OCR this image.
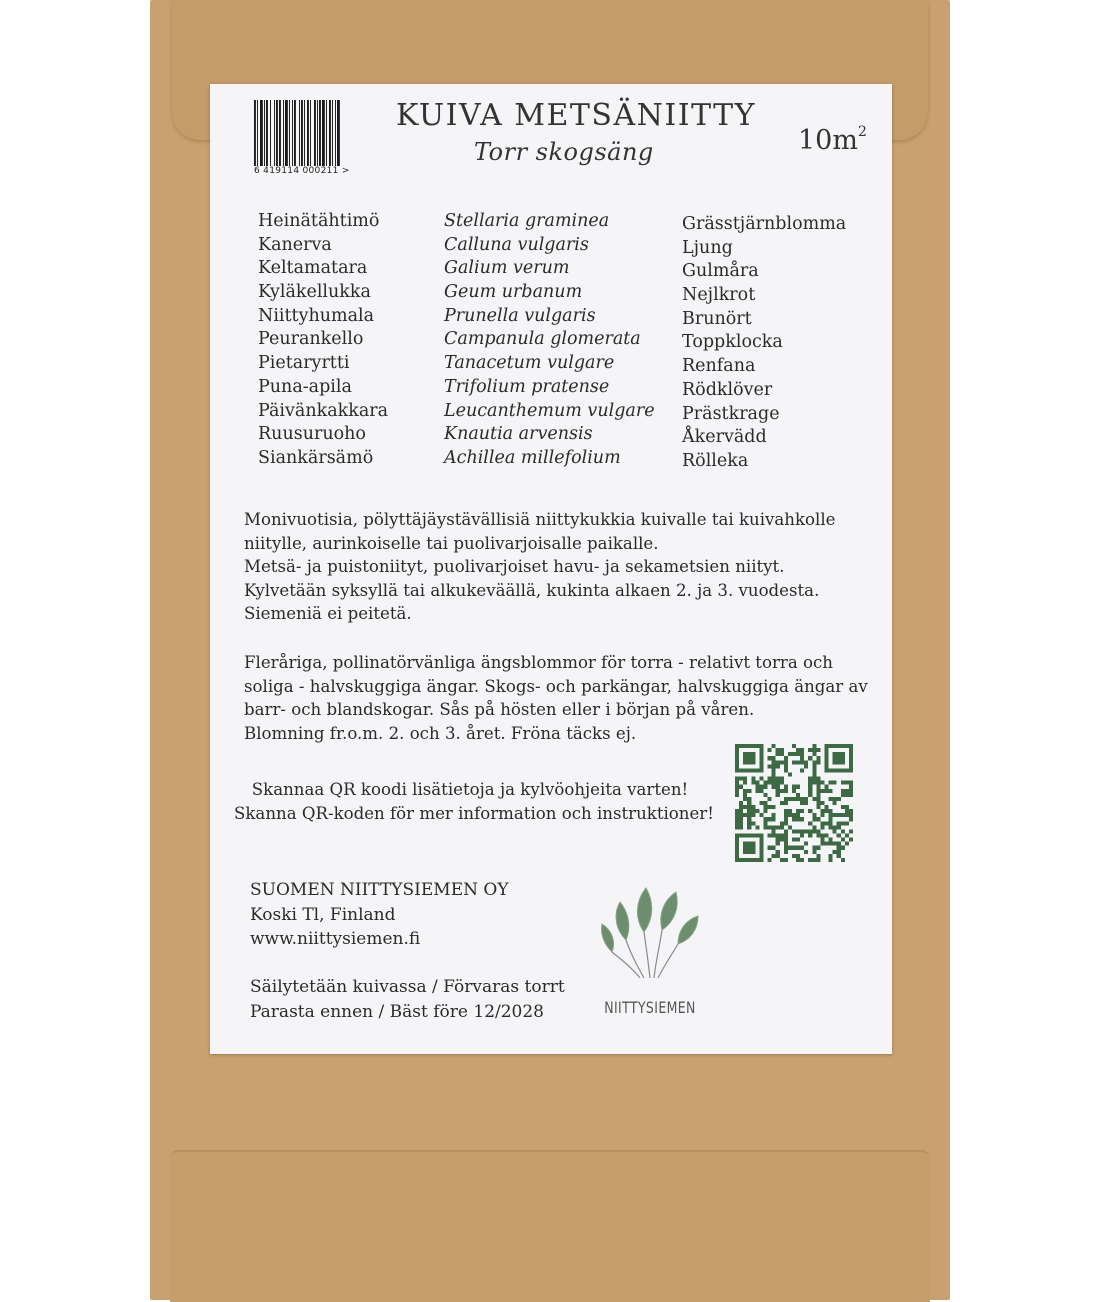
6 419114 000211 >
KUIVA METSÄNIITTY
Torr skogsäng	$10m^2$
Heinätähtimö
Kanerva
Keltamatara
Kyläkellukka
Niittyhumala
Peurankello
Pietaryrtti
Puna-apila
Päivänkakkara
Ruusuruoho
Siankärsämö
Stellaria graminea
Calluna vulgaris
Galium verum
Geum urbanum
Prunella vulgaris
Campanula glomerata
Tanacetum vulgare
Trifolium pratense
Leucanthemum vulgare
Knautia arvensis
Achillea millefolium
Grässtjärnblomma
Ljung
Gulmåra
Nejlkrot
Brunört
Toppklocka
Renfana
Rödklöver
Prästkrage
Åkervädd
Rölleka
Monivuotisia, pölyttäjäystävällisiä niittykukkia kuivalle tai kuivahkolle
niitylle, aurinkoiselle tai puolivarjoisalle paikalle.
Metsä- ja puistoniityt, puolivarjoiset havu- ja sekametsien niityt.
Kylvetään syksyllä tai alkukeväällä, kukinta alkaen 2. ja 3. vuodesta.
Siemeniä ei peitetä.
Fleråriga, pollinatörvänliga ängsblommor för torra - relativt torra och
soliga - halvskuggiga ängar. Skogs- och parkängar, halvskuggiga ängar av
barr- och blandskogar. Sås på hösten eller i början på våren.
Blomning fr.o.m. 2. och 3. året. Fröna täcks ej.
Skannaa QR koodi lisätietoja ja kylvöohjeita varten!
Skanna QR-koden för mer information och instruktioner!
SUOMEN NIITTYSIEMEN OY
Koski Tl, Finland
www.niittysiemen.fi
Säilytetään kuivassa / Förvaras torrt
Parasta ennen / Bäst före 12/2028	NIITTYSIEMEN
